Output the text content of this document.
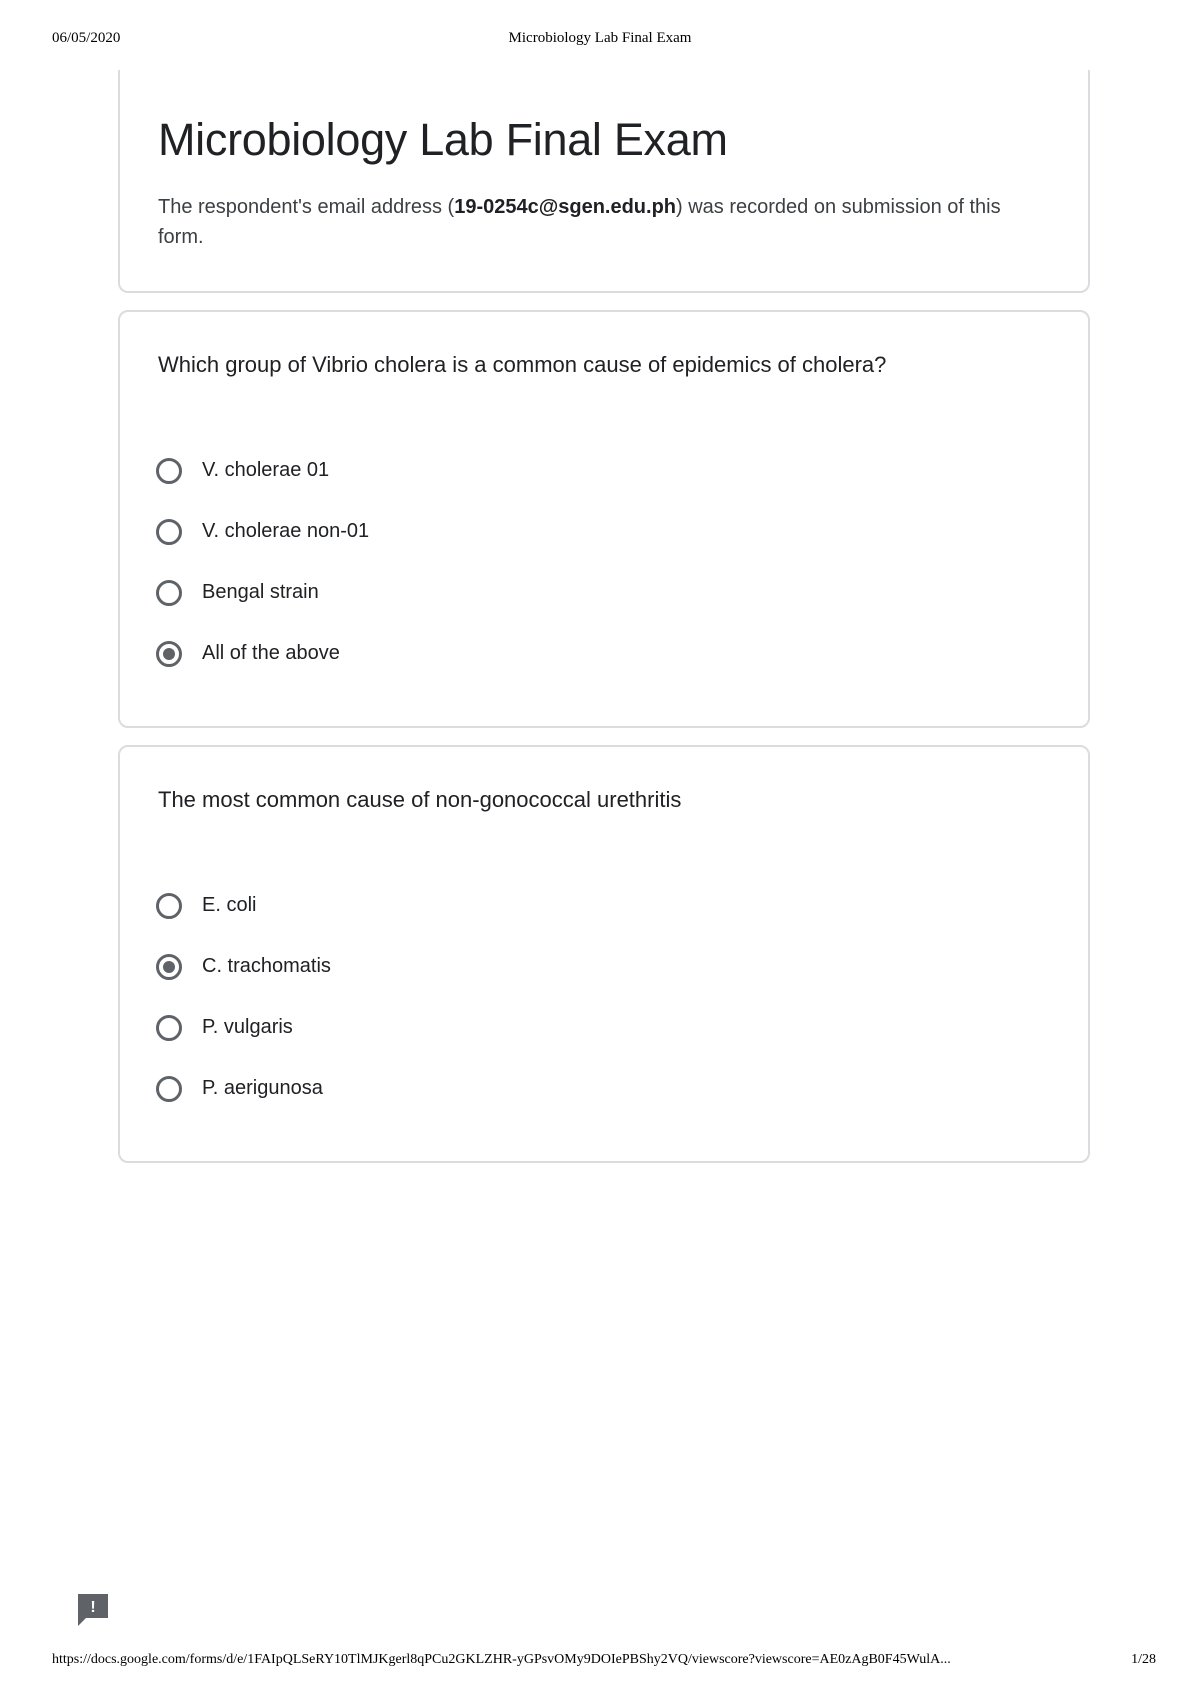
06/05/2020	Microbiology Lab Final Exam
Microbiology Lab Final Exam
The respondent's email address (19-0254c@sgen.edu.ph) was recorded on submission of this form.
Which group of Vibrio cholera is a common cause of epidemics of cholera?
V. cholerae 01
V. cholerae non-01
Bengal strain
All of the above
The most common cause of non-gonococcal urethritis
E. coli
C. trachomatis
P. vulgaris
P. aerigunosa
!
https://docs.google.com/forms/d/e/1FAIpQLSeRY10TlMJKgerl8qPCu2GKLZHR-yGPsvOMy9DOIePBShy2VQ/viewscore?viewscore=AE0zAgB0F45WulA...	1/28
